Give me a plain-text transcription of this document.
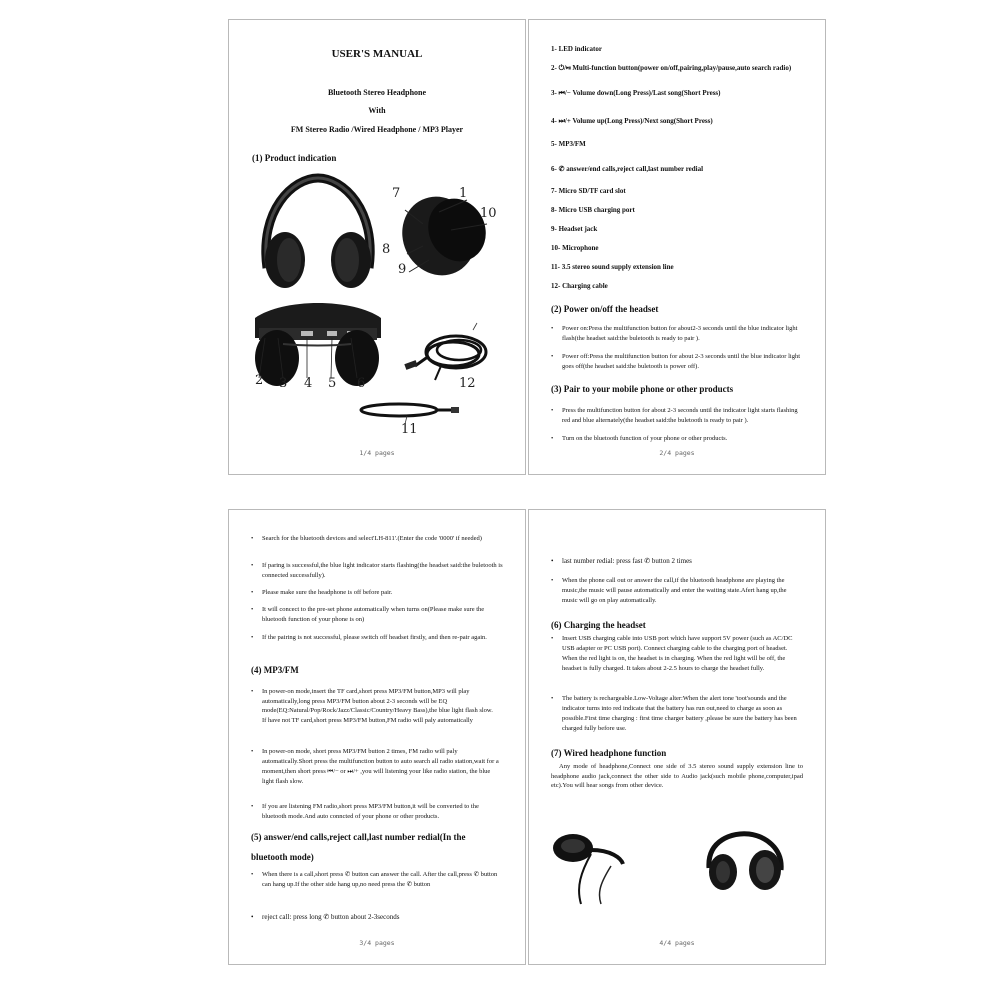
USER'S MANUAL
Bluetooth Stereo Headphone
With
FM Stereo Radio /Wired Headphone / MP3 Player
(1) Product indication
1
7
10
8
9
2 3 4 5 6	12
11
1/4 pages
1- LED indicator
2- ⏻/⏯ Multi-function button(power on/off,pairing,play/pause,auto search radio)
3- ⏮/− Volume down(Long Press)/Last song(Short Press)
4- ⏭/+ Volume up(Long Press)/Next song(Short Press)
5- MP3/FM
6- ✆ answer/end calls,reject call,last number redial
7- Micro SD/TF card slot
8- Micro USB charging port
9- Headset jack
10- Microphone
11- 3.5 stereo sound supply extension line
12- Charging cable
(2) Power on/off the headset
• Power on:Press the multifunction button for about2-3 seconds until the blue indicator light flash(the headset said:the buletooth is ready to pair ).
• Power off:Press the multifunction button for about 2-3 seconds until the blue indicator light goes off(the headset said:the buletooth is power off).
(3) Pair to your mobile phone or other products
• Press the multifunction button for about 2-3 seconds until the indicator light starts flashing red and blue alternately(the headset said:the buletooth is ready to pair ).
• Turn on the bluetooth function of your phone or other products.
2/4 pages
• Search for the bluetooth devices and select'LH-811'.(Enter the code '0000' if needed)
• If paring is successful,the blue light indicator starts flashing(the headset said:the buletooth is connected successfully).
• Please make sure the headphone is off before pair.
• It will concect to the pre-set phone automatically when turns on(Please make sure the bluetooth function of your phone is on)
• If the pairing is not successful, please switch off headset firstly, and then re-pair again.
(4) MP3/FM
• In power-on mode,insert the TF card,short press MP3/FM button,MP3 will play automatically,long press MP3/FM button about 2-3 seconds will be EQ mode(EQ:Natural/Pop/Rock/Jazz/Classic/Country/Heavy Bass),the blue light flash slow.
If have not TF card,short press MP3/FM button,FM radio will paly automatically
• In power-on mode, short press MP3/FM button 2 times, FM radio will paly automatically.Short press the multifunction button to auto search all radio station,wait for a moment,then short press ⏮/− or ⏭/+ ,you will listening your like radio station, the blue light flash slow.
• If you are listening FM radio,short press MP3/FM button,it will be converted to the bluetooth mode.And auto conncted of your phone or other products.
(5) answer/end calls,reject call,last number redial(In the
bluetooth mode)
• When there is a call,short press ✆ button can answer the call. After the call,press ✆ button can hang up.If the other side hang up,no need press the ✆ button
• reject call: press long ✆ button about 2-3seconds
3/4 pages
• last number redial: press fast ✆ button 2 times
• When the phone call out or answer the call,if the bluetooth headphone are playing the music,the music will pause automatically and enter the waiting state.Afert hang up,the music will go on play automatically.
(6) Charging the headset
• Insert USB charging cable into USB port which have support 5V power (such as AC/DC USB adapter or PC USB port). Connect charging cable to the charging port of headset. When the red light is on, the headset is in charging. When the red light will be off, the headset is fully charged. It takes about 2-2.5 hours to charge the headset fully.
• The battery is rechargeable.Low-Voltage alter:When the alert tone 'toot'sounds and the indicator turns into red indicate that the battery has run out,need to charge as soon as possible.First time charging : first time charger battery ,please be sure the battery has been charged fully before use.
(7) Wired headphone function
Any mode of headphone,Connect one side of 3.5 stereo sound supply extension line to headphone audio jack,connect the other side to Audio jack(such mobile phone,computer,ipad etc).You will hear songs from other device.
4/4 pages
